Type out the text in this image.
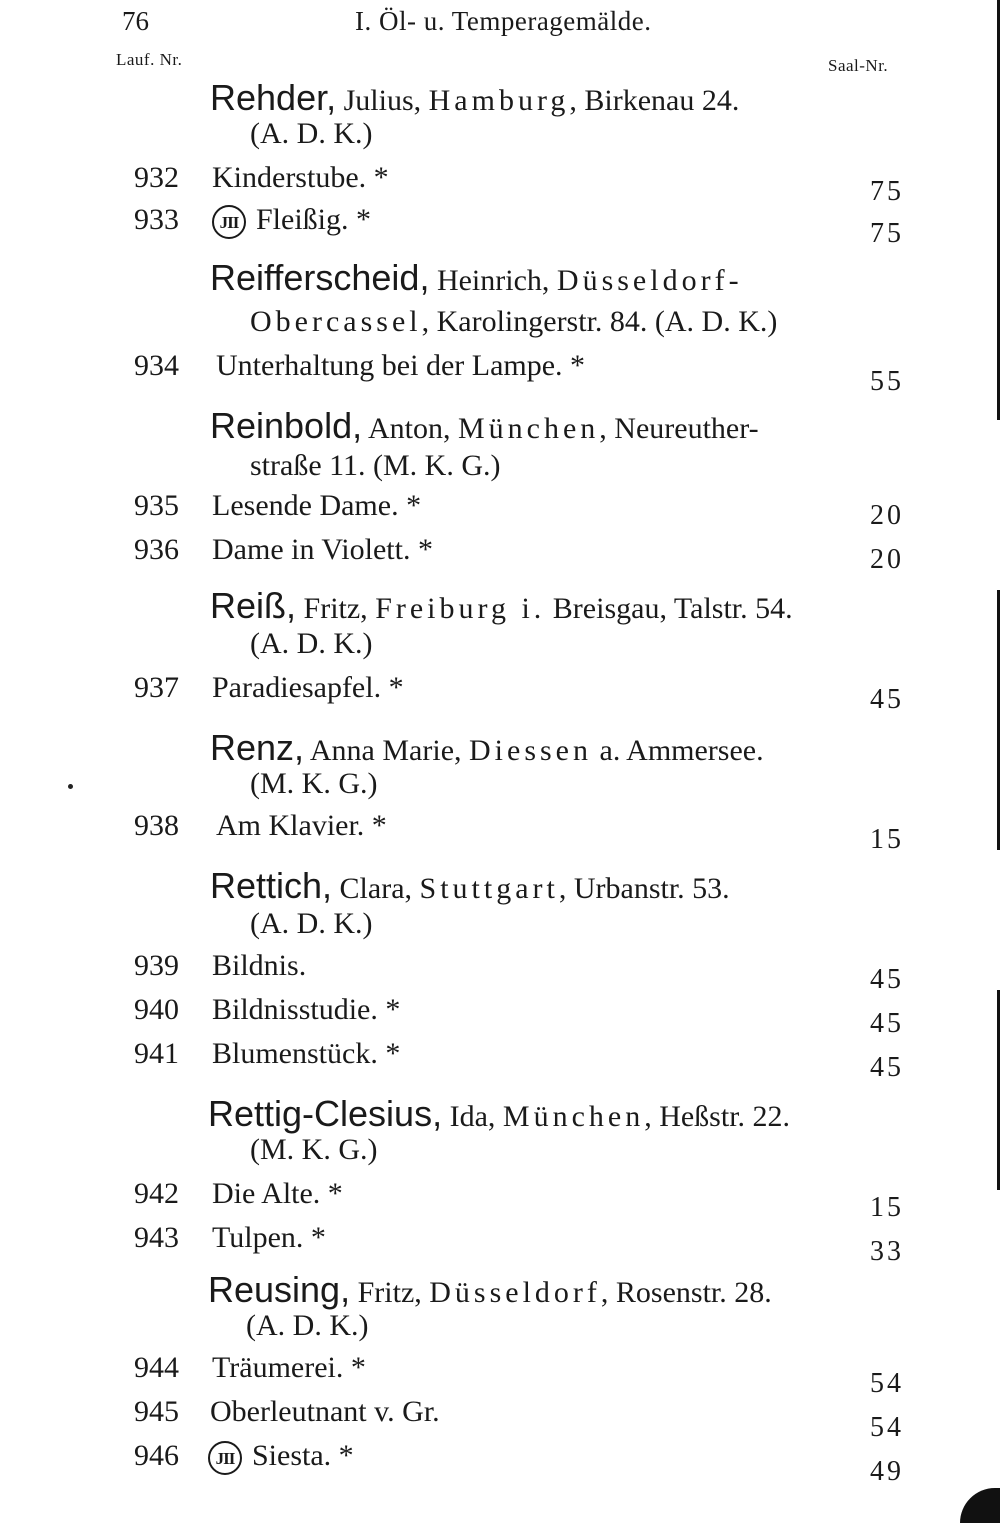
76	I. Öl- u. Temperagemälde.
Lauf. Nr.	Saal-Nr.
Rehder, Julius, Hamburg, Birkenau 24.
(A. D. K.)
932	Kinderstube. *	75
933	JII Fleißig. *	75
Reifferscheid, Heinrich, Düsseldorf-
Obercassel, Karolingerstr. 84. (A. D. K.)
934	Unterhaltung bei der Lampe. *	55
Reinbold, Anton, München, Neureuther-
straße 11. (M. K. G.)
935	Lesende Dame. *	20
936	Dame in Violett. *	20
Reiß, Fritz, Freiburg i. Breisgau, Talstr. 54.
(A. D. K.)
937	Paradiesapfel. *	45
Renz, Anna Marie, Diessen a. Ammersee.
(M. K. G.)
938	Am Klavier. *	15
Rettich, Clara, Stuttgart, Urbanstr. 53.
(A. D. K.)
939	Bildnis.	45
940	Bildnisstudie. *	45
941	Blumenstück. *	45
Rettig-Clesius, Ida, München, Heßstr. 22.
(M. K. G.)
942	Die Alte. *	15
943	Tulpen. *	33
Reusing, Fritz, Düsseldorf, Rosenstr. 28.
(A. D. K.)
944	Träumerei. *	54
945	Oberleutnant v. Gr.	54
946	JII Siesta. *	49
